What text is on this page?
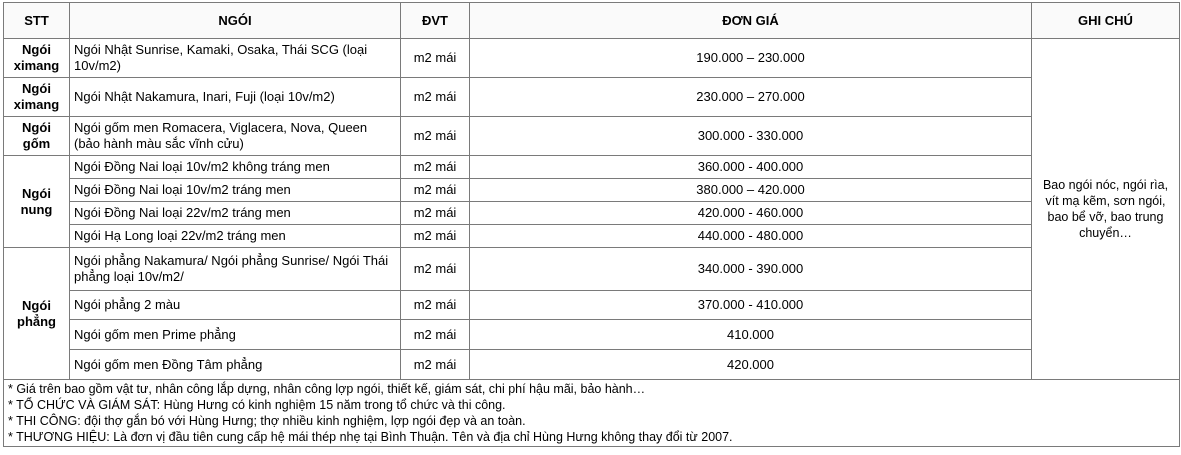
STT	NGÓI	ĐVT	ĐƠN GIÁ	GHI CHÚ
Ngói ximang	Ngói Nhật Sunrise, Kamaki, Osaka, Thái SCG (loại 10v/m2)	m2 mái	190.000 – 230.000	Bao ngói nóc, ngói rìa, vít mạ kẽm, sơn ngói, bao bể vỡ, bao trung chuyển…
Ngói ximang	Ngói Nhật Nakamura, Inari, Fuji (loại 10v/m2)	m2 mái	230.000 – 270.000	
Ngói gốm	Ngói gốm men Romacera, Viglacera, Nova, Queen (bảo hành màu sắc vĩnh cửu)	m2 mái	300.000 - 330.000	
Ngói nung	Ngói Đồng Nai loại 10v/m2 không tráng men	m2 mái	360.000 - 400.000	
	Ngói Đồng Nai loại 10v/m2 tráng men	m2 mái	380.000 – 420.000	
	Ngói Đồng Nai loại 22v/m2 tráng men	m2 mái	420.000 - 460.000	
	Ngói Hạ Long loại 22v/m2 tráng men	m2 mái	440.000 - 480.000	
Ngói phẳng	Ngói phẳng Nakamura/ Ngói phẳng Sunrise/ Ngói Thái phẳng loại 10v/m2/	m2 mái	340.000 - 390.000	
	Ngói phẳng 2 màu	m2 mái	370.000 - 410.000	
	Ngói gốm men Prime phẳng	m2 mái	410.000	
	Ngói gốm men Đồng Tâm phẳng	m2 mái	420.000	

* Giá trên bao gồm vật tư, nhân công lắp dựng, nhân công lợp ngói, thiết kế, giám sát, chi phí hậu mãi, bảo hành…
* TỔ CHỨC VÀ GIÁM SÁT: Hùng Hưng có kinh nghiệm 15 năm trong tổ chức và thi công.
* THI CÔNG: đội thợ gắn bó với Hùng Hưng; thợ nhiều kinh nghiệm, lợp ngói đẹp và an toàn.
* THƯƠNG HIỆU: Là đơn vị đầu tiên cung cấp hệ mái thép nhẹ tại Bình Thuận. Tên và địa chỉ Hùng Hưng không thay đổi từ 2007.				
